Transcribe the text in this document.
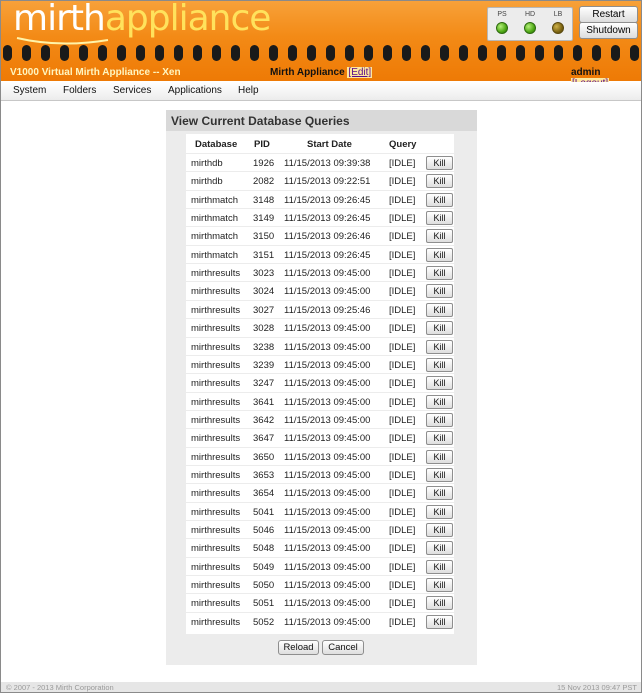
mirthappliance	PS	HD	LB	Restart
Shutdown
V1000 Virtual Mirth Appliance -- Xen	Mirth Appliance [Edit]	admin
System Folders Services Applications Help
View Current Database Queries
Database PID	Start Date	Query
mirthdb	1926 11/15/2013 09:39:38 [IDLE]	Kill
mirthdb	2082 11/15/2013 09:22:51 [IDLE]	Kill
mirthmatch 3148 11/15/2013 09:26:45 [IDLE]	Kill
mirthmatch 3149 11/15/2013 09:26:45 [IDLE]	Kill
mirthmatch 3150 11/15/2013 09:26:46 [IDLE]	Kill
mirthmatch 3151 11/15/2013 09:26:45 [IDLE]	Kill
mirthresults 3023 11/15/2013 09:45:00 [IDLE]	Kill
mirthresults 3024 11/15/2013 09:45:00 [IDLE]	Kill
mirthresults 3027 11/15/2013 09:25:46 [IDLE]	Kill
mirthresults 3028 11/15/2013 09:45:00 [IDLE]	Kill
mirthresults 3238 11/15/2013 09:45:00 [IDLE]	Kill
mirthresults 3239 11/15/2013 09:45:00 [IDLE]	Kill
mirthresults 3247 11/15/2013 09:45:00 [IDLE]	Kill
mirthresults 3641 11/15/2013 09:45:00 [IDLE]	Kill
mirthresults 3642 11/15/2013 09:45:00 [IDLE]	Kill
mirthresults 3647 11/15/2013 09:45:00 [IDLE]	Kill
mirthresults 3650 11/15/2013 09:45:00 [IDLE]	Kill
mirthresults 3653 11/15/2013 09:45:00 [IDLE]	Kill
mirthresults 3654 11/15/2013 09:45:00 [IDLE]	Kill
mirthresults 5041 11/15/2013 09:45:00 [IDLE]	Kill
mirthresults 5046 11/15/2013 09:45:00 [IDLE]	Kill
mirthresults 5048 11/15/2013 09:45:00 [IDLE]	Kill
mirthresults 5049 11/15/2013 09:45:00 [IDLE]	Kill
mirthresults 5050 11/15/2013 09:45:00 [IDLE]	Kill
mirthresults 5051 11/15/2013 09:45:00 [IDLE]	Kill
mirthresults 5052 11/15/2013 09:45:00 [IDLE]	Kill
Reload	Cancel
© 2007 - 2013 Mirth Corporation	15 Nov 2013 09:47 PST
